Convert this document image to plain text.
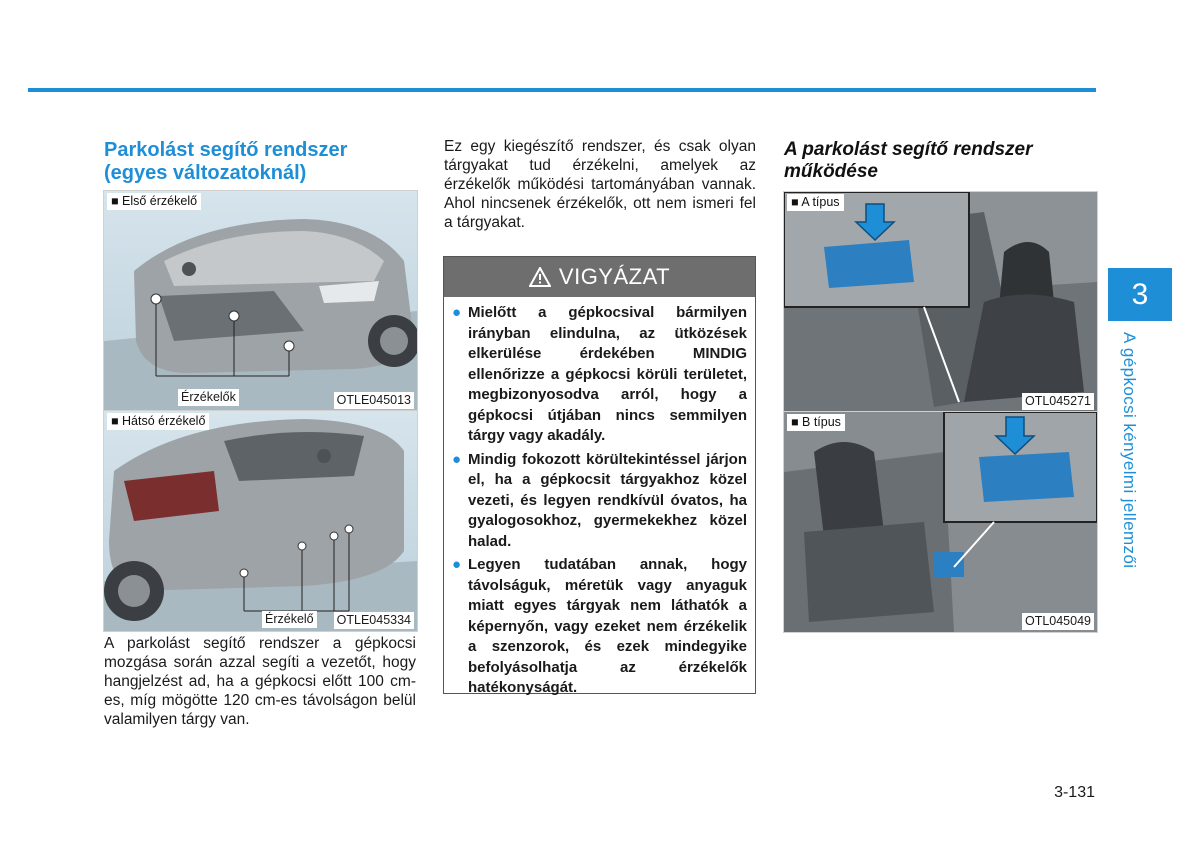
Parkolást segítő rendszer
(egyes változatoknál)
■ Első érzékelő
Érzékelők	OTLE045013
■ Hátsó érzékelő
Érzékelő OTLE045334
A parkolást segítő rendszer a gépkocsi mozgása során azzal segíti a vezetőt, hogy hangjelzést ad, ha a gépkocsi előtt 100 cm-es, míg mögötte 120 cm-es távolságon belül valamilyen tárgy van.
Ez egy kiegészítő rendszer, és csak olyan tárgyakat tud érzékelni, amelyek az érzékelők működési tartományában vannak. Ahol nincsenek érzékelők, ott nem ismeri fel a tárgyakat.
VIGYÁZAT
● Mielőtt a gépkocsival bármilyen irányban elindulna, az ütközések elkerülése érdekében MINDIG ellenőrizze a gépkocsi körüli területet, megbizonyosodva arról, hogy a gépkocsi útjában nincs semmilyen tárgy vagy akadály.
● Mindig fokozott körültekintéssel járjon el, ha a gépkocsit tárgyakhoz közel vezeti, és legyen rendkívül óvatos, ha gyalogosokhoz, gyermekekhez közel halad.
● Legyen tudatában annak, hogy távolságuk, méretük vagy anyaguk miatt egyes tárgyak nem láthatók a képernyőn, vagy ezeket nem érzékelik a szenzorok, és ezek mindegyike befolyásolhatja az érzékelők hatékonyságát.
A parkolást segítő rendszer
működése
■ A típus
OTL045271
■ B típus
OTL045049
3
A gépkocsi kényelmi jellemzői
3-131
